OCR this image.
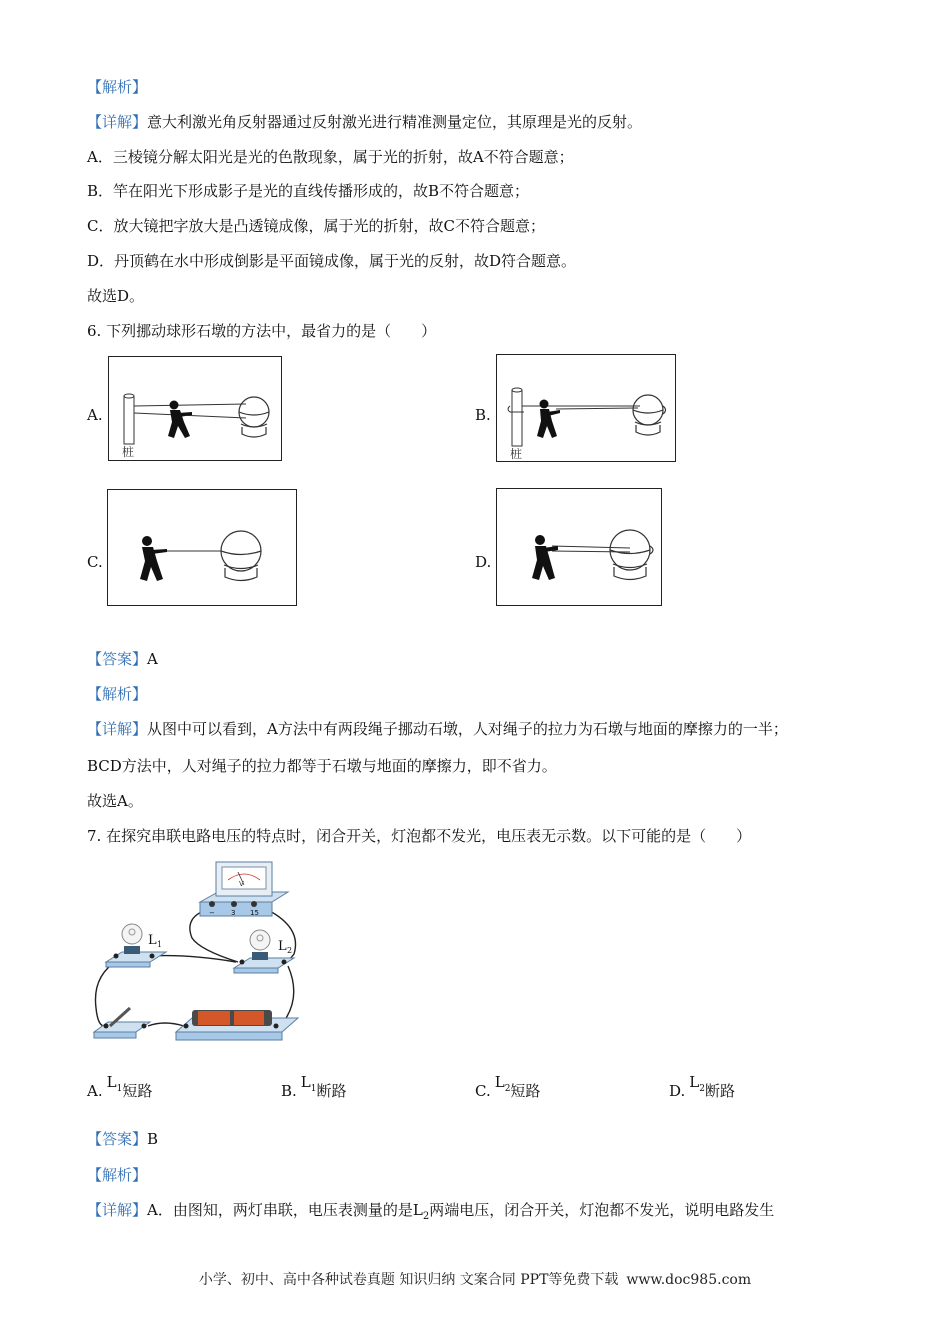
【解析】
【详解】意大利激光角反射器通过反射激光进行精准测量定位，其原理是光的反射。
A．三棱镜分解太阳光是光的色散现象，属于光的折射，故A不符合题意；
B．竿在阳光下形成影子是光的直线传播形成的，故B不符合题意；
C．放大镜把字放大是凸透镜成像，属于光的折射，故C不符合题意；
D．丹顶鹤在水中形成倒影是平面镜成像，属于光的反射，故D符合题意。
故选D。
6. 下列挪动球形石墩的方法中，最省力的是（　　）
A.
桩
B.
桩
C.	D.
【答案】A
【解析】
【详解】从图中可以看到，A方法中有两段绳子挪动石墩，人对绳子的拉力为石墩与地面的摩擦力的一半；
BCD方法中，人对绳子的拉力都等于石墩与地面的摩擦力，即不省力。
故选A。
7. 在探究串联电路电压的特点时，闭合开关，灯泡都不发光，电压表无示数。以下可能的是（　　）
V
− 3 15
L 1	L 2
A. $L^1$短路	B. $L^1$断路	C. $L^2$短路	D. $L^2$断路
【答案】B
【解析】
【详解】A．由图知，两灯串联，电压表测量的是$L_2$两端电压，闭合开关，灯泡都不发光，说明电路发生
小学、初中、高中各种试卷真题 知识归纳 文案合同 PPT等免费下载 www.doc985.com
